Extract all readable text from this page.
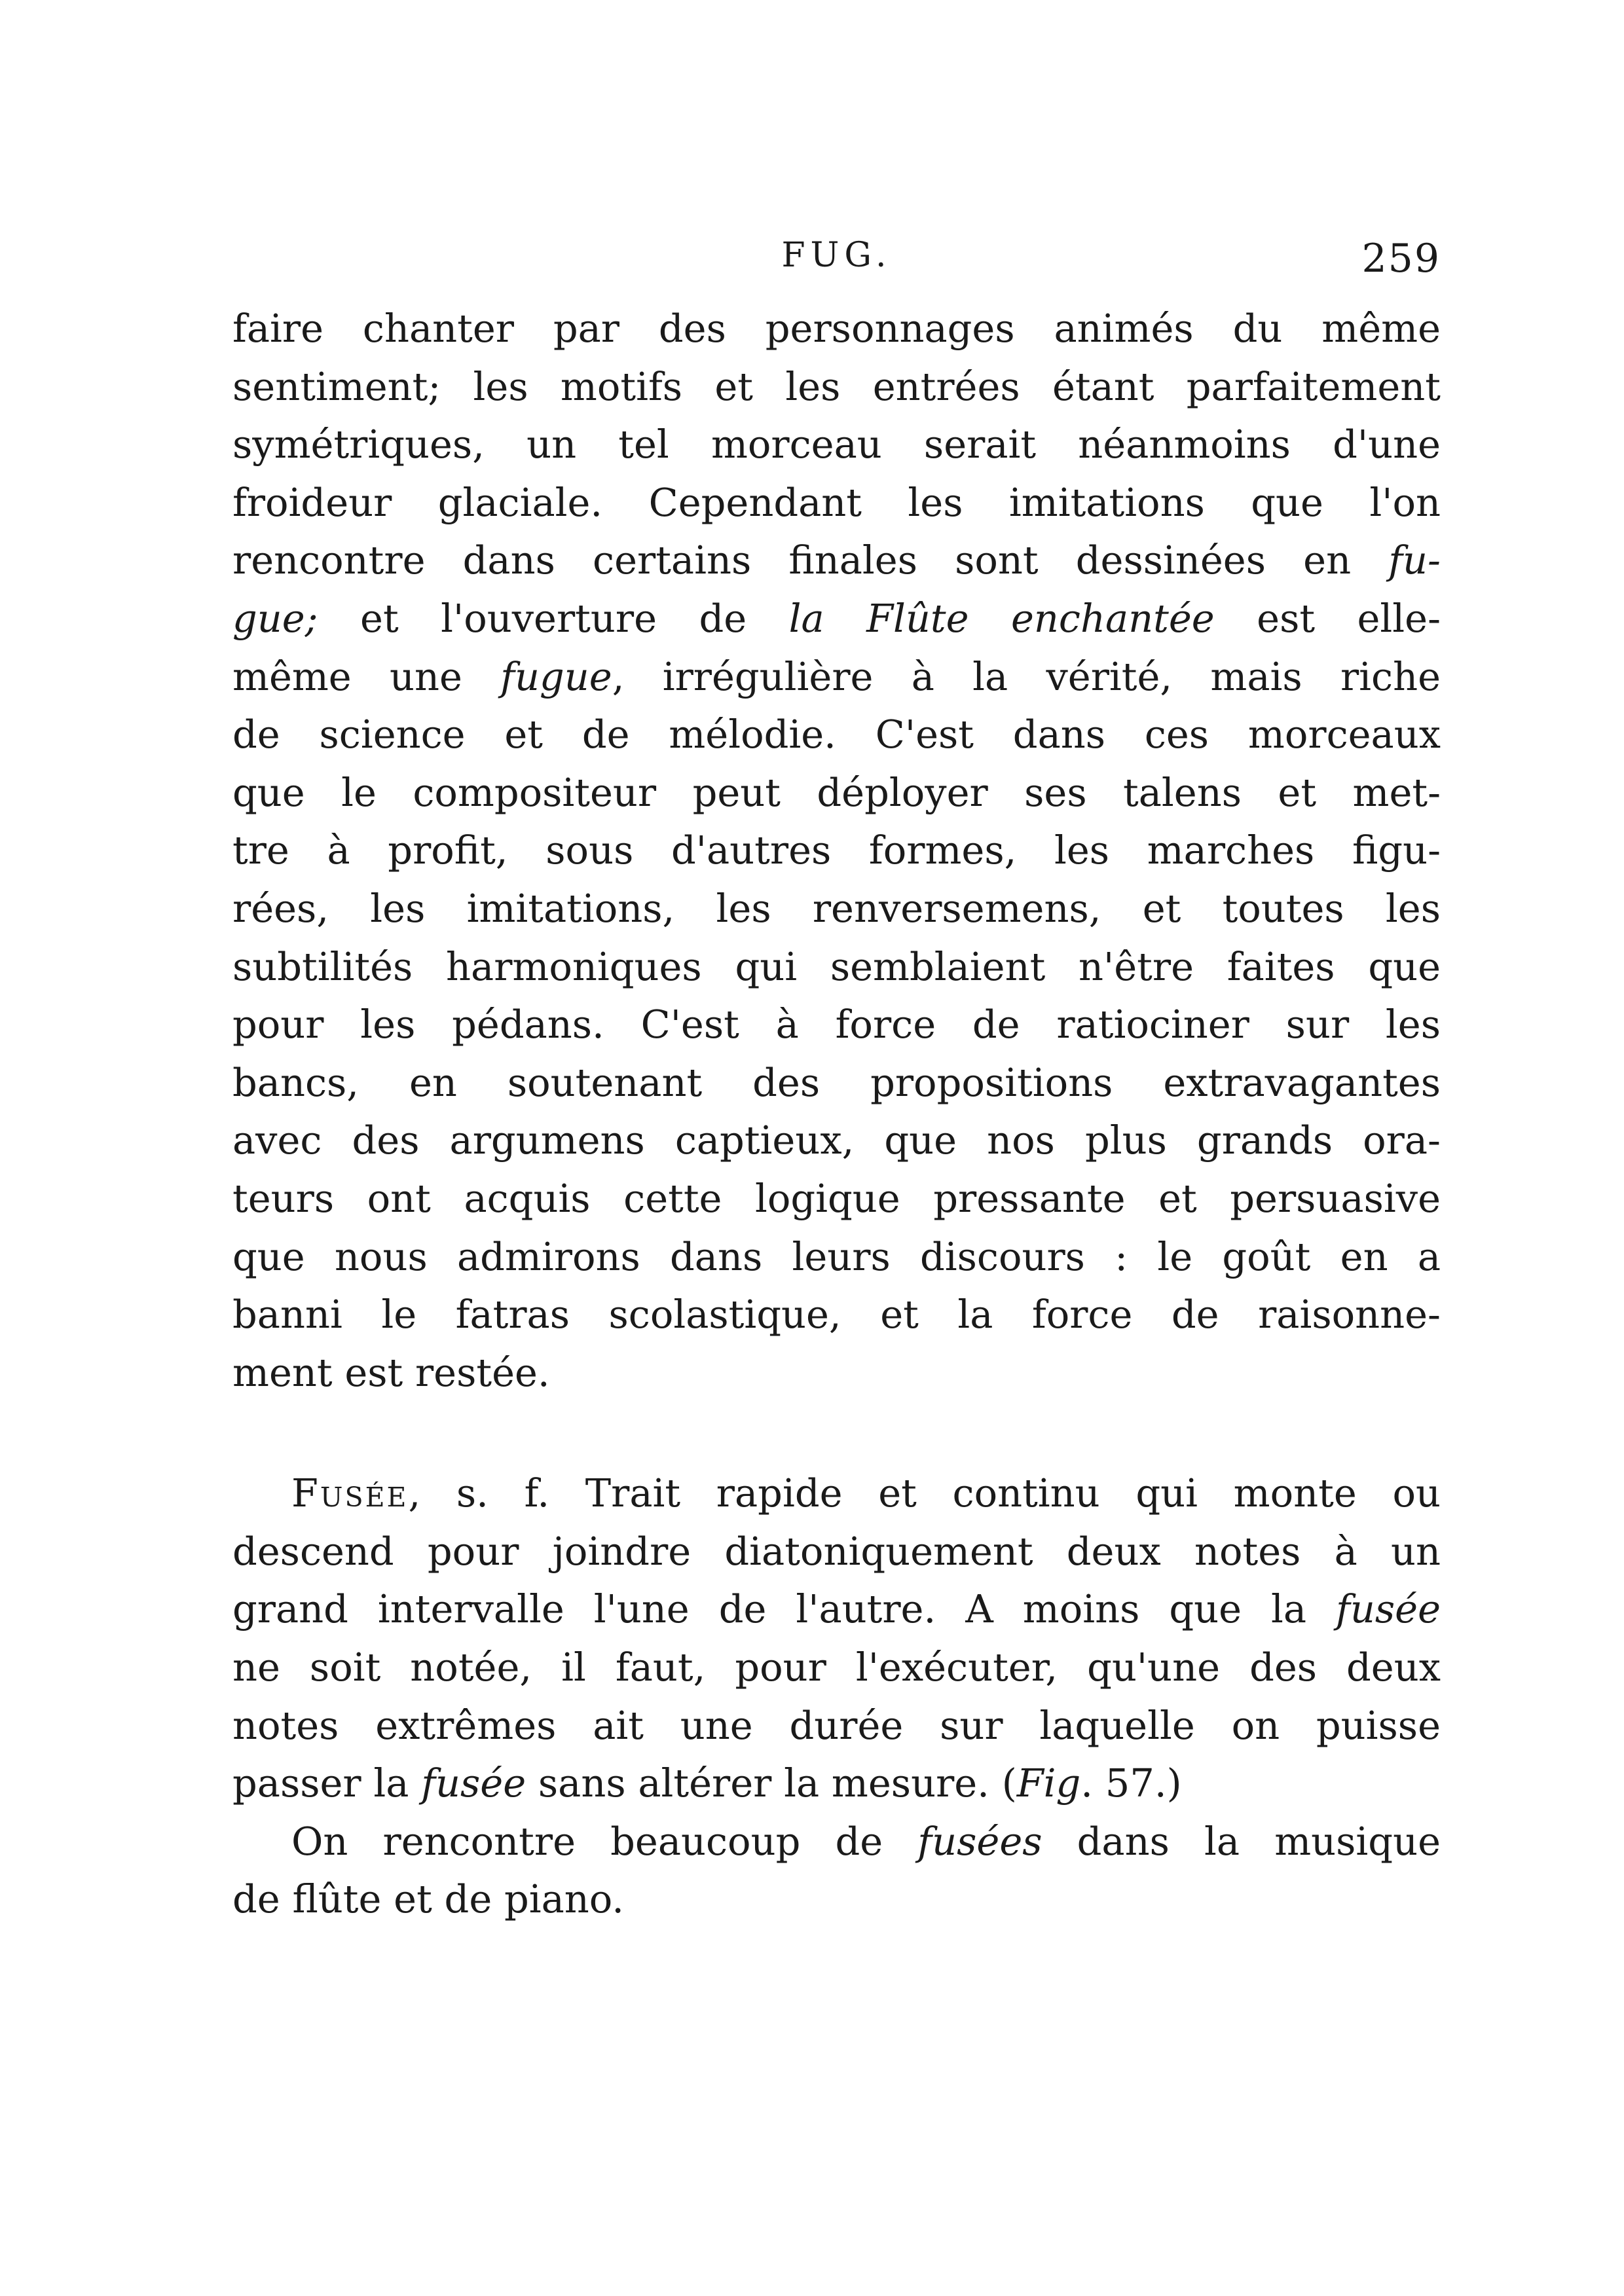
FUG.	259
faire chanter par des personnages animés du même
sentiment; les motifs et les entrées étant parfaitement
symétriques, un tel morceau serait néanmoins d'une
froideur glaciale. Cependant les imitations que l'on
rencontre dans certains finales sont dessinées en fu-
gue; et l'ouverture de la Flûte enchantée est elle-
même une fugue, irrégulière à la vérité, mais riche
de science et de mélodie. C'est dans ces morceaux
que le compositeur peut déployer ses talens et met-
tre à profit, sous d'autres formes, les marches figu-
rées, les imitations, les renversemens, et toutes les
subtilités harmoniques qui semblaient n'être faites que
pour les pédans. C'est à force de ratiociner sur les
bancs, en soutenant des propositions extravagantes
avec des argumens captieux, que nos plus grands ora-
teurs ont acquis cette logique pressante et persuasive
que nous admirons dans leurs discours : le goût en a
banni le fatras scolastique, et la force de raisonne-
ment est restée.
Fusée, s. f. Trait rapide et continu qui monte ou
descend pour joindre diatoniquement deux notes à un
grand intervalle l'une de l'autre. A moins que la fusée
ne soit notée, il faut, pour l'exécuter, qu'une des deux
notes extrêmes ait une durée sur laquelle on puisse
passer la fusée sans altérer la mesure. (Fig. 57.)
On rencontre beaucoup de fusées dans la musique
de flûte et de piano.
